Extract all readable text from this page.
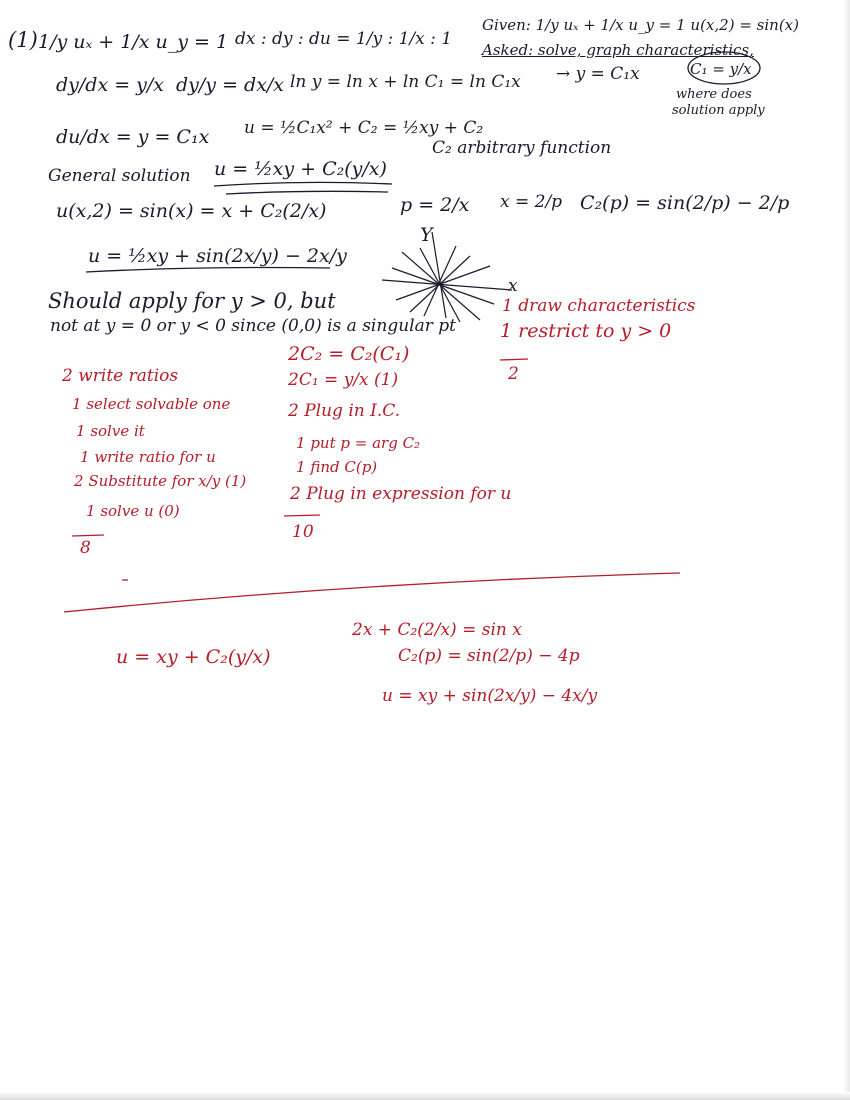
(1) 1/y uₓ + 1/x u_y = 1 dx : dy : du = 1/y : 1/x : 1
Given: 1/y uₓ + 1/x u_y = 1 u(x,2) = sin(x)
Asked: solve, graph characteristics,
C₁ = y/x
where does
solution apply
dy/dx = y/x dy/y = dx/x ln y = ln x + ln C₁ = ln C₁x → y = C₁x
du/dx = y = C₁x u = ½C₁x² + C₂ = ½xy + C₂
General solution u = ½xy + C₂(y/x)
C₂ arbitrary function
u(x,2) = sin(x) = x + C₂(2/x)	p = 2/x x = 2/p C₂(p) = sin(2/p) − 2/p
u = ½xy + sin(2x/y) − 2x/y
Should apply for y > 0, but
not at y = 0 or y < 0 since (0,0) is a singular pt
Y
x
2 write ratios
1 select solvable one
1 solve it
1 write ratio for u
2 Substitute for x/y (1)
1 solve u (0)
8
2C₂ = C₂(C₁)
2C₁ = y/x (1)
2 Plug in I.C.
1 put p = arg C₂
1 find C(p)
2 Plug in expression for u
10
1 draw characteristics
1 restrict to y > 0
2
u = xy + C₂(y/x)
2x + C₂(2/x) = sin x
C₂(p) = sin(2/p) − 4p
u = xy + sin(2x/y) − 4x/y
